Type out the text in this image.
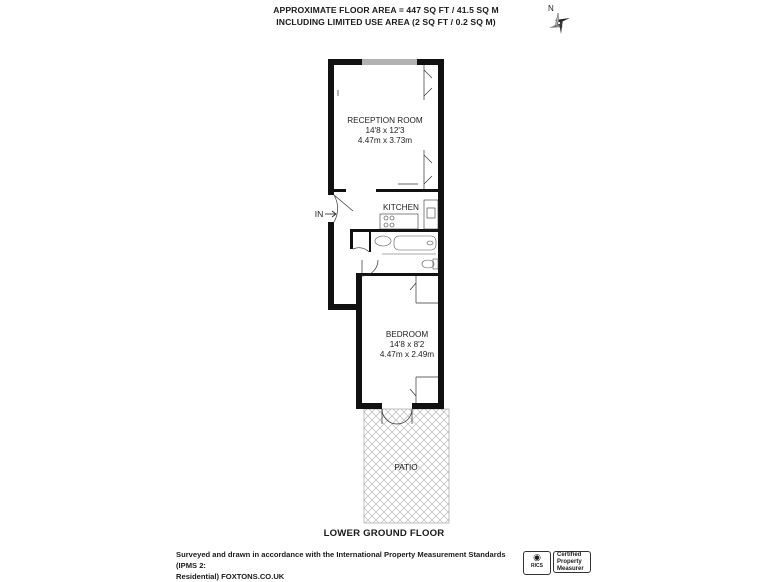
APPROXIMATE FLOOR AREA = 447 SQ FT / 41.5 SQ M
INCLUDING LIMITED USE AREA (2 SQ FT / 0.2 SQ M)
N
RECEPTION ROOM
14'8 x 12'3
4.47m x 3.73m
KITCHEN
BEDROOM
14'8 x 8'2
4.47m x 2.49m
PATIO
IN
LOWER GROUND FLOOR
Surveyed and drawn in accordance with the International Property Measurement Standards (IPMS 2:
Residential) FOXTONS.CO.UK
◉
RICS
Certified
Property
Measurer
